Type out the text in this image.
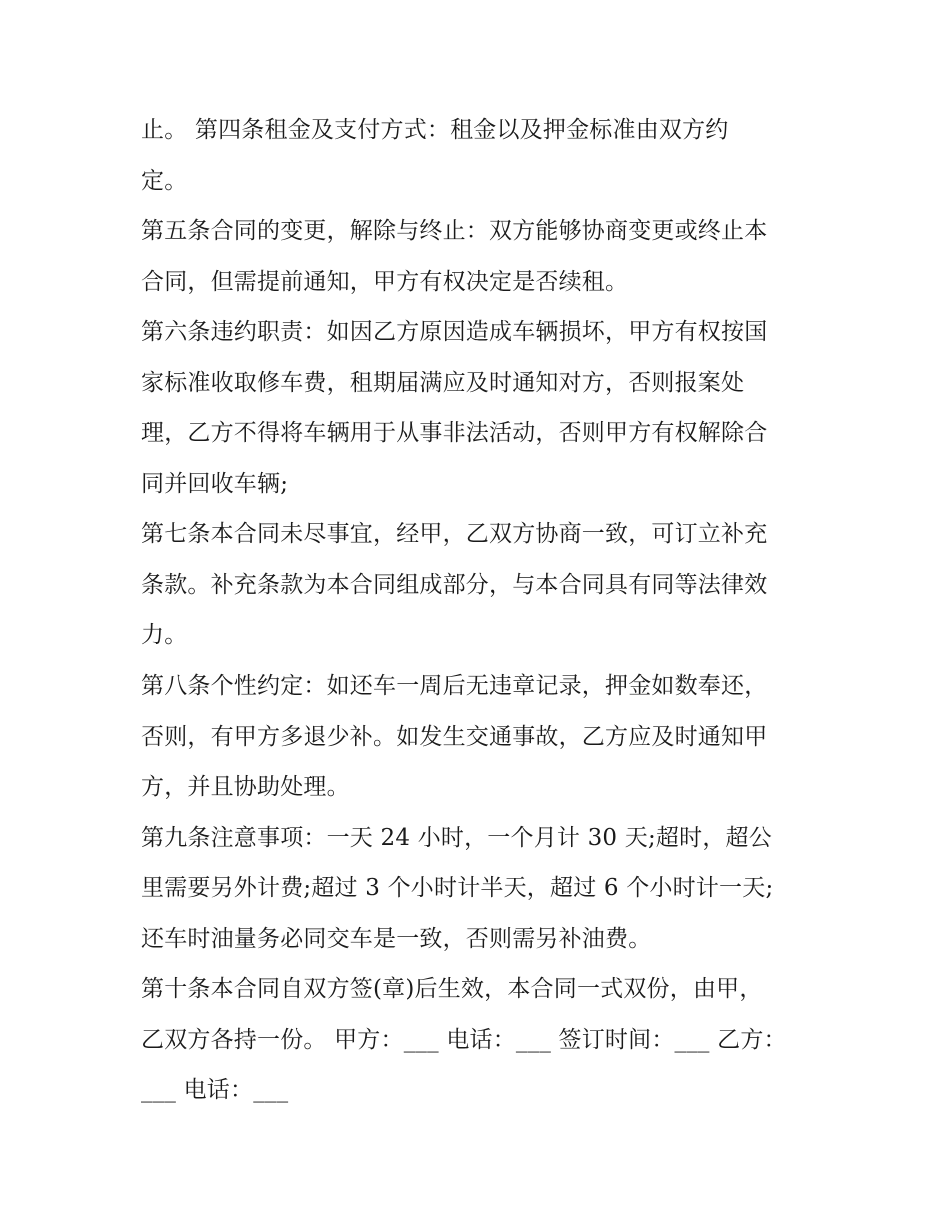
止。 第四条租金及支付方式：租金以及押金标准由双方约

定。

第五条合同的变更，解除与终止：双方能够协商变更或终止本

合同，但需提前通知，甲方有权决定是否续租。

第六条违约职责：如因乙方原因造成车辆损坏，甲方有权按国

家标准收取修车费，租期届满应及时通知对方，否则报案处

理，乙方不得将车辆用于从事非法活动，否则甲方有权解除合

同并回收车辆;

第七条本合同未尽事宜，经甲，乙双方协商一致，可订立补充

条款。补充条款为本合同组成部分，与本合同具有同等法律效

力。

第八条个性约定：如还车一周后无违章记录，押金如数奉还，

否则，有甲方多退少补。如发生交通事故，乙方应及时通知甲

方，并且协助处理。

第九条注意事项：一天 24 小时，一个月计 30 天;超时，超公

里需要另外计费;超过 3 个小时计半天，超过 6 个小时计一天;

还车时油量务必同交车是一致，否则需另补油费。

第十条本合同自双方签(章)后生效，本合同一式双份，由甲，

乙双方各持一份。 甲方：___ 电话：___ 签订时间：___ 乙方：

___ 电话：___
